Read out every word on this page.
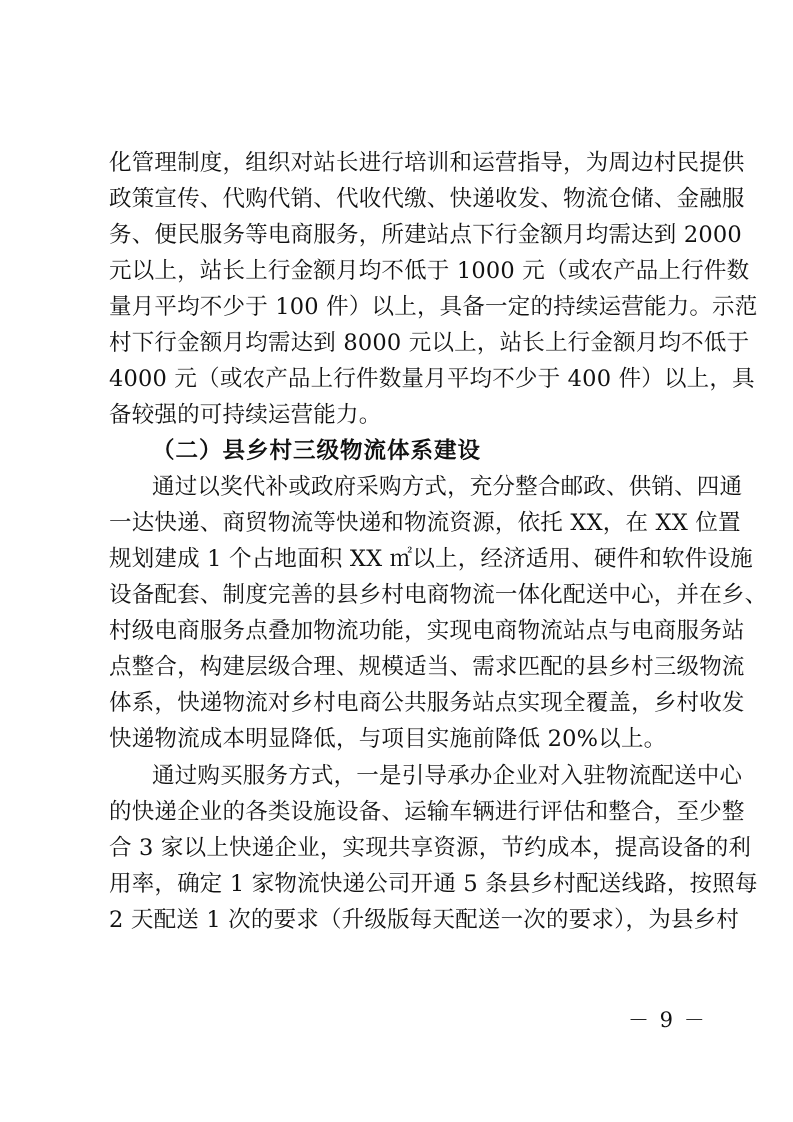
化管理制度，组织对站长进行培训和运营指导，为周边村民提供
政策宣传、代购代销、代收代缴、快递收发、物流仓储、金融服
务、便民服务等电商服务，所建站点下行金额月均需达到 2000
元以上，站长上行金额月均不低于 1000 元（或农产品上行件数
量月平均不少于 100 件）以上，具备一定的持续运营能力。示范
村下行金额月均需达到 8000 元以上，站长上行金额月均不低于
4000 元（或农产品上行件数量月平均不少于 400 件）以上，具
备较强的可持续运营能力。
（二）县乡村三级物流体系建设
通过以奖代补或政府采购方式，充分整合邮政、供销、四通
一达快递、商贸物流等快递和物流资源，依托 XX，在 XX 位置
规划建成 1 个占地面积 XX ㎡以上，经济适用、硬件和软件设施
设备配套、制度完善的县乡村电商物流一体化配送中心，并在乡、
村级电商服务点叠加物流功能，实现电商物流站点与电商服务站
点整合，构建层级合理、规模适当、需求匹配的县乡村三级物流
体系，快递物流对乡村电商公共服务站点实现全覆盖，乡村收发
快递物流成本明显降低，与项目实施前降低 20%以上。
通过购买服务方式，一是引导承办企业对入驻物流配送中心
的快递企业的各类设施设备、运输车辆进行评估和整合，至少整
合 3 家以上快递企业，实现共享资源，节约成本，提高设备的利
用率，确定 1 家物流快递公司开通 5 条县乡村配送线路，按照每
2 天配送 1 次的要求（升级版每天配送一次的要求），为县乡村
－ 9 －
